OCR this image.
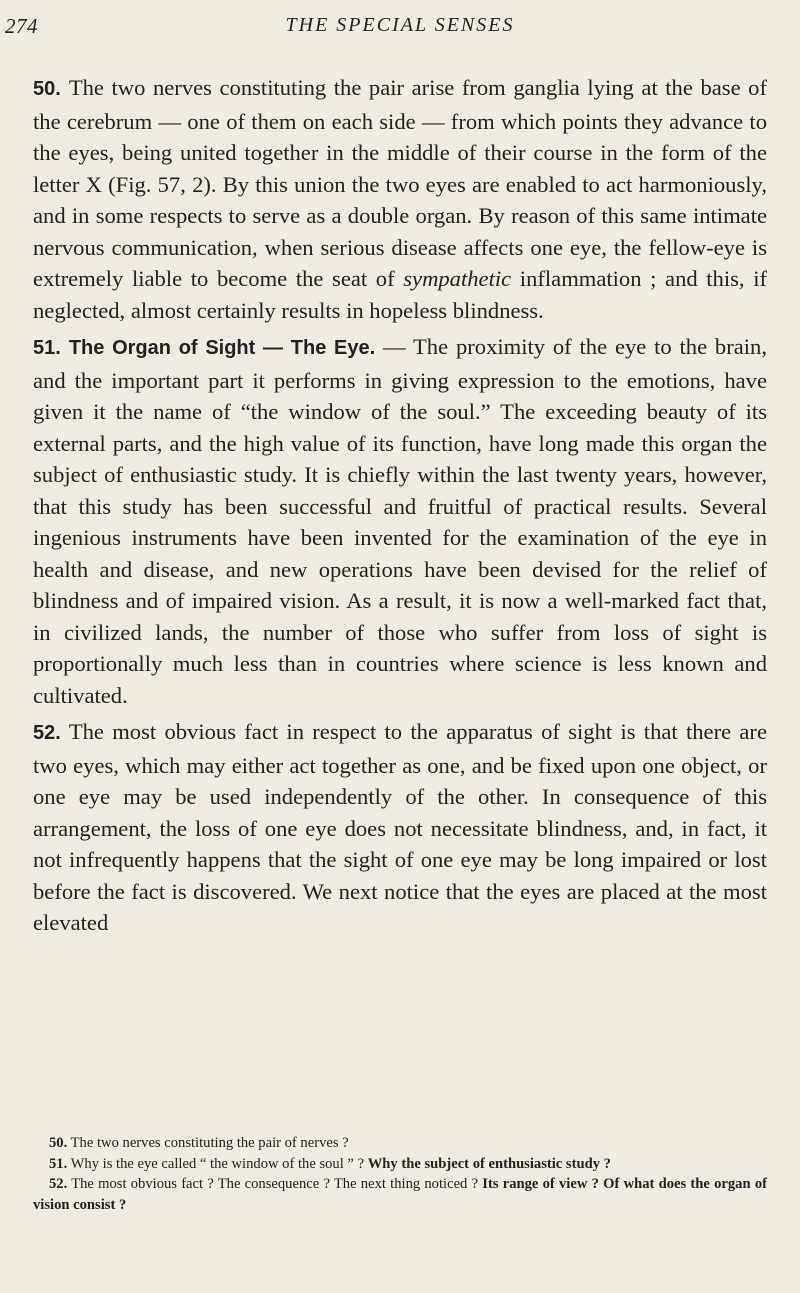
274	THE SPECIAL SENSES

50. The two nerves constituting the pair arise from ganglia lying at the base of the cerebrum — one of them on each side — from which points they advance to the eyes, being united together in the middle of their course in the form of the letter X (Fig. 57, 2). By this union the two eyes are enabled to act harmoniously, and in some respects to serve as a double organ. By reason of this same intimate nervous communication, when serious disease affects one eye, the fellow-eye is extremely liable to become the seat of sympathetic inflammation ; and this, if neglected, almost certainly results in hopeless blindness.

51. The Organ of Sight — The Eye. — The proximity of the eye to the brain, and the important part it performs in giving expression to the emotions, have given it the name of “the window of the soul.” The exceeding beauty of its external parts, and the high value of its function, have long made this organ the subject of enthusiastic study. It is chiefly within the last twenty years, however, that this study has been successful and fruitful of practical results. Several ingenious instruments have been invented for the examination of the eye in health and disease, and new operations have been devised for the relief of blindness and of impaired vision. As a result, it is now a well-marked fact that, in civilized lands, the number of those who suffer from loss of sight is proportionally much less than in countries where science is less known and cultivated.

52. The most obvious fact in respect to the apparatus of sight is that there are two eyes, which may either act together as one, and be fixed upon one object, or one eye may be used independently of the other. In consequence of this arrangement, the loss of one eye does not necessitate blindness, and, in fact, it not infrequently happens that the sight of one eye may be long impaired or lost before the fact is discovered. We next notice that the eyes are placed at the most elevated

50. The two nerves constituting the pair of nerves ?

51. Why is the eye called “ the window of the soul ” ? Why the subject of enthusiastic study ?

52. The most obvious fact ? The consequence ? The next thing noticed ? Its range of view ? Of what does the organ of vision consist ?
